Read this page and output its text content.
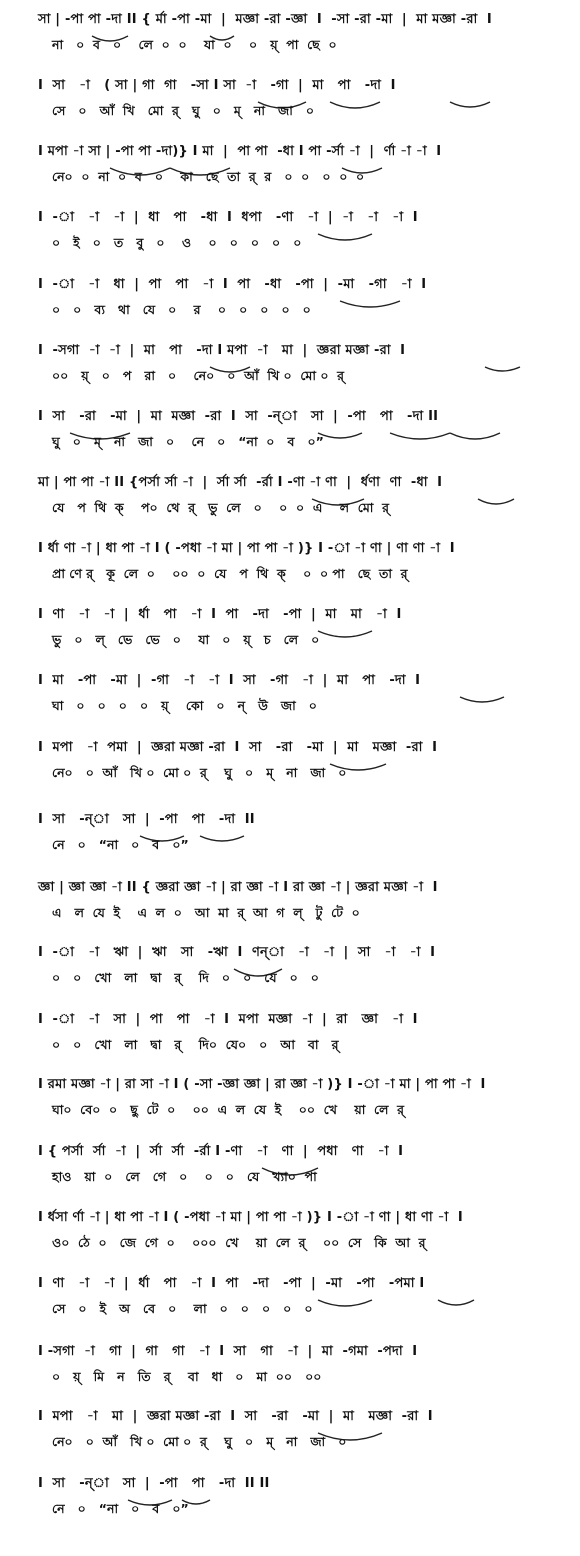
সা | -পা পা -দা II { ৰ্মা -পা -মা  |  মজ্ঞা -রা -জ্ঞা  I  -সা -রা -মা  |  মা মজ্ঞা -রা  I
না   ০  ব   ০    লে  ০  ০    যা  ০    ০   য়্  পা  ছে  ০
I  সা   -া   ( সা | গা  গা   -সা I সা  -া   -গা  |  মা   পা   -দা  I
সে   ০   আঁ  খি   মো  র্   ঘু   ০   ম্   না   জা   ০
I মপা -া সা | -পা পা -দা)} I মা  |  পা পা  -ধা I পা -র্সা -া  |  র্ণা -া -া  I
নে০  ০  না  ০  ব   ০    কা   ছে  তা  র্  র   ০  ০   ০  ০  ০
I  -া   -া   -া  |  ধা   পা   -ধা  I  ধপা   -ণা   -া  |  -া   -া   -া  I
০   ই   ০   ত   বু   ০    ও    ০   ০   ০   ০   ০
I  -া   -া   ধা  |  পা   পা   -া  I  পা   -ধা   -পা  |  -মা   -গা   -া  I
০   ০   ব্য   থা   যে   ০    র    ০   ০   ০   ০   ০
I  -সগা  -া  -া  |  মা   পা   -দা I মপা  -া   মা  |  জ্ঞরা মজ্ঞা -রা  I
০০   য়্   ০   প   রা   ০    নে০   ০  আঁ  খি ০  মো ০  র্
I  সা   -রা   -মা  |  মা  মজ্ঞা  -রা  I  সা  -ন্‌া   সা  |  -পা   পা   -দা II
ঘু   ০   ম্   না   জা   ০    নে   ০   “না  ০   ব   ০”
মা | পা পা -া II {পর্সা র্সা -া  |  র্সা র্সা  -র্রা I -ণা -া ণা  |  র্ধণা  ণা  -ধা  I
যে   প  থি  ক্    প০  থে  র্   ভু  লে   ০    ০  ০  এ    ল  মো  র্
I র্ধা ণা -া | ধা পা -া I ( -পধা -া মা | পা পা -া )} I -া -া ণা | ণা ণা -া  I
প্রা ণে র্   কূ  লে  ০    ০০  ০  যে   প  থি  ক্    ০  ০ পা   ছে  তা  র্
I  ণা   -া   -া  |  র্ধা   পা   -া  I  পা   -দা   -পা  |  মা   মা   -া  I
ভু   ০   ল্   ভে   ভে   ০    যা   ০   য়্   চ   লে   ০
I  মা   -পা   -মা  |  -গা   -া   -া  I  সা   -গা   -া  |  মা   পা   -দা  I
ঘা   ০   ০   ০   ০   য়্    কো   ০   ন্   উ   জা   ০
I  মপা   -া  পমা  |  জ্ঞরা মজ্ঞা -রা  I  সা   -রা   -মা  |  মা   মজ্ঞা  -রা  I
নে০   ০  আঁ   খি ০  মো ০  র্    ঘু   ০   ম্   না   জা   ০
I  সা   -ন্‌া   সা  |  -পা   পা   -দা  II
নে   ০   “না   ০   ব   ০”
জ্ঞা | জ্ঞা জ্ঞা -া II { জ্ঞরা জ্ঞা -া | রা জ্ঞা -া I রা জ্ঞা -া | জ্ঞরা মজ্ঞা -া  I
এ   ল  যে  ই    এ  ল  ০   আ  মা  র্  আ  গ  ল্   টু  টে  ০
I  -া   -া   ঋা  |  ঋা   সা   -ঋা  I  ণন্‌া   -া   -া  |  সা   -া   -া  I
০   ০   খো   লা   দ্বা   র্    দি   ০   ০   যে   ০   ০
I  -া   -া   সা  |  পা   পা   -া  I  মপা  মজ্ঞা  -া  |  রা   জ্ঞা   -া  I
০   ০   খো   লা   দ্বা   র্    দি০  যে০   ০   আ   বা   র্
I রমা মজ্ঞা -া | রা সা -া I ( -সা -জ্ঞা জ্ঞা | রা জ্ঞা -া )} I -া -া মা | পা পা -া  I
ঘা০  বে০  ০   ছু  টে  ০    ০০  এ  ল  যে  ই    ০০  খে    য়া  লে  র্
I { পর্সা  র্সা  -া  |  র্সা  র্সা  -র্রা I -ণা   -া   ণা  |  পধা   ণা   -া  I
হাও   য়া  ০   লে   গে   ০    ০   ০   যে   খ্যা০  পা
I র্ধসা র্ণা -া | ধা পা -া I ( -পধা -া মা | পা পা -া )} I -া -া ণা | ধা ণা -া  I
ও০  ঠে  ০   জে  গে  ০    ০০০  খে    য়া  লে  র্    ০০  সে   কি  আ  র্
I  ণা   -া   -া  |  র্ধা   পা   -া  I  পা   -দা   -পা  |  -মা   -পা   -পমা I
সে   ০   ই   অ   বে   ০    লা   ০   ০   ০   ০   ০
I -সগা  -া   গা  |  গা   গা   -া  I  সা   গা   -া  |  মা  -গমা  -পদা  I
০   য়্   মি   ন   তি   র্    বা   ধা   ০   মা  ০০   ০০
I  মপা   -া   মা  |  জ্ঞরা মজ্ঞা -রা  I  সা   -রা   -মা  |  মা   মজ্ঞা  -রা  I
নে০   ০  আঁ   খি ০  মো ০  র্    ঘু   ০   ম্   না   জা   ০
I  সা   -ন্‌া   সা  |  -পা   পা   -দা  II II
নে   ০   “না   ০   ব   ০”
